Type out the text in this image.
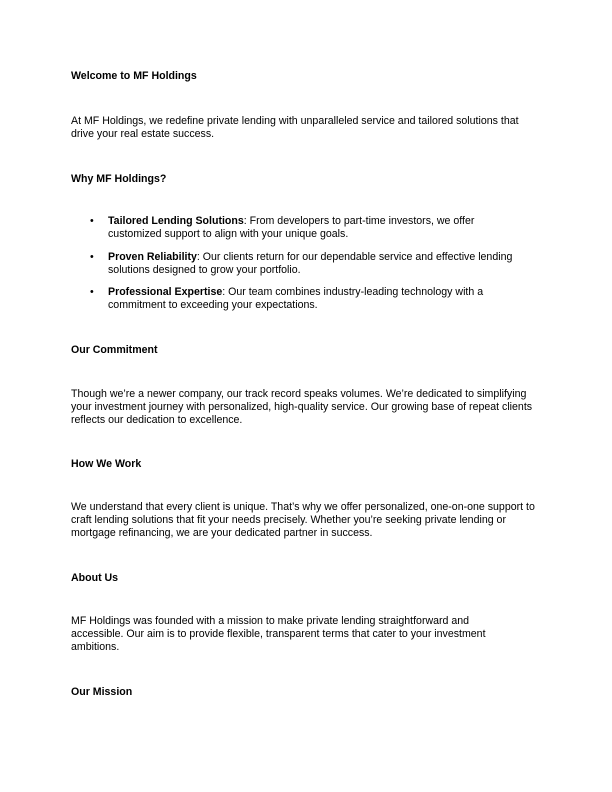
Welcome to MF Holdings
At MF Holdings, we redefine private lending with unparalleled service and tailored solutions that drive your real estate success.
Why MF Holdings?
• Tailored Lending Solutions: From developers to part-time investors, we offer customized support to align with your unique goals.
• Proven Reliability: Our clients return for our dependable service and effective lending solutions designed to grow your portfolio.
• Professional Expertise: Our team combines industry-leading technology with a commitment to exceeding your expectations.
Our Commitment
Though we’re a newer company, our track record speaks volumes. We’re dedicated to simplifying your investment journey with personalized, high-quality service. Our growing base of repeat clients reflects our dedication to excellence.
How We Work
We understand that every client is unique. That’s why we offer personalized, one-on-one support to craft lending solutions that fit your needs precisely. Whether you’re seeking private lending or mortgage refinancing, we are your dedicated partner in success.
About Us
MF Holdings was founded with a mission to make private lending straightforward and accessible. Our aim is to provide flexible, transparent terms that cater to your investment ambitions.
Our Mission
